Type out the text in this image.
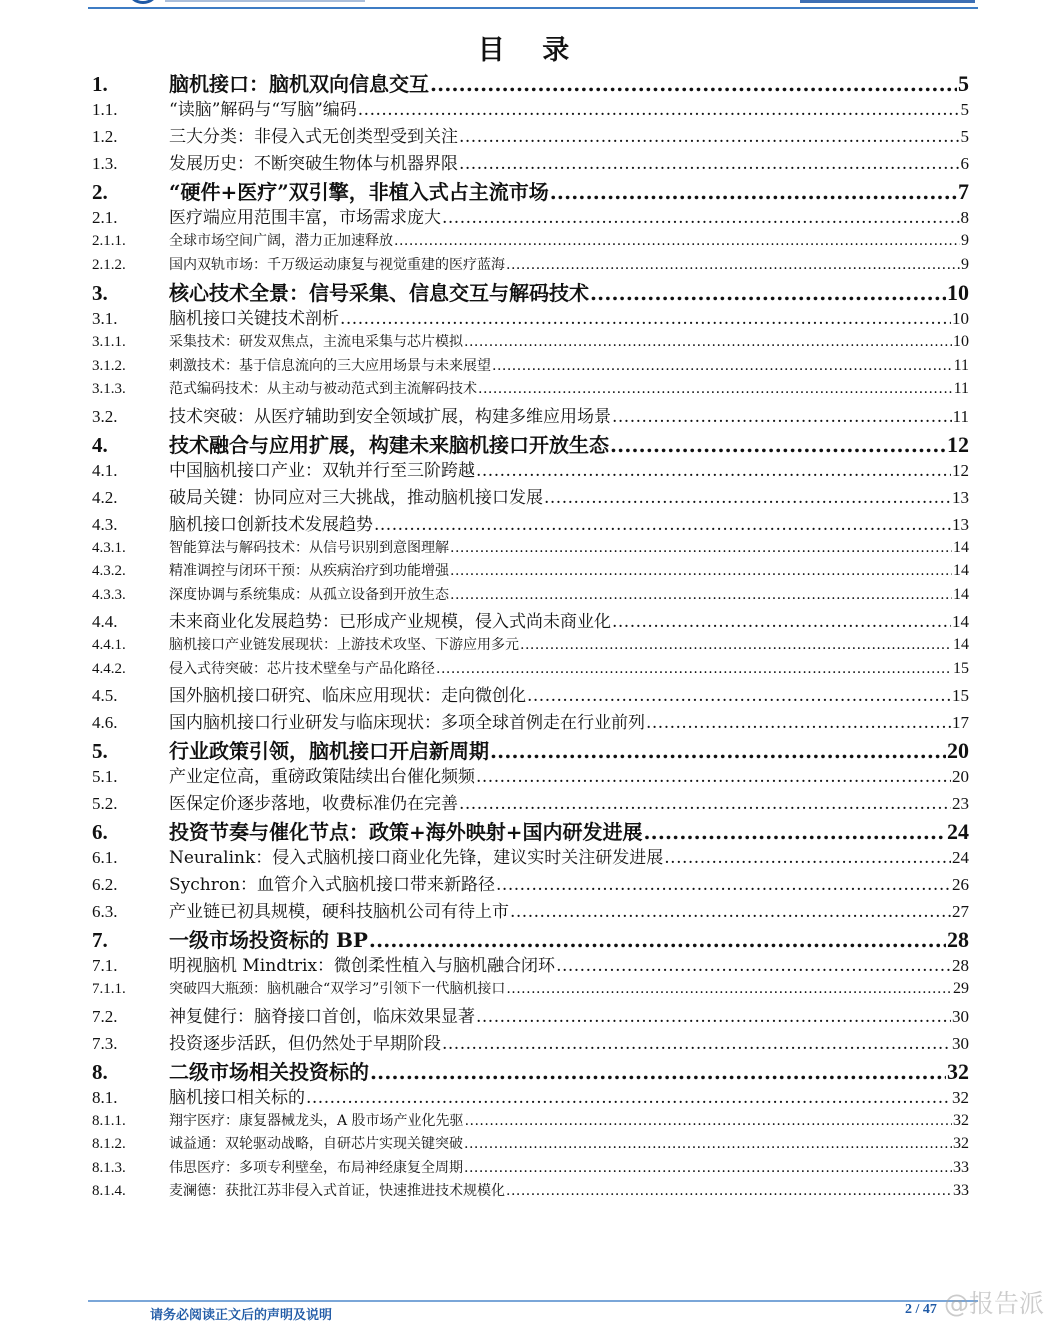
目 录
1.	脑机接口：脑机双向信息交互 .....	5
1.1.	“读脑”解码与“写脑”编码 .....	5
1.2.	三大分类：非侵入式无创类型受到关注 .....	5
1.3.	发展历史：不断突破生物体与机器界限 .....	6
2.	“硬件+医疗”双引擎，非植入式占主流市场 .....	7
2.1.	医疗端应用范围丰富，市场需求庞大 .....	8
2.1.1.	全球市场空间广阔，潜力正加速释放 .....	9
2.1.2.	国内双轨市场：千万级运动康复与视觉重建的医疗蓝海 .....	9
3.	核心技术全景：信号采集、信息交互与解码技术 .....	10
3.1.	脑机接口关键技术剖析 .....	10
3.1.1.	采集技术：研发双焦点，主流电采集与芯片模拟 .....	10
3.1.2.	刺激技术：基于信息流向的三大应用场景与未来展望 .....	11
3.1.3.	范式编码技术：从主动与被动范式到主流解码技术 .....	11
3.2.	技术突破：从医疗辅助到安全领域扩展，构建多维应用场景 .....	11
4.	技术融合与应用扩展，构建未来脑机接口开放生态 .....	12
4.1.	中国脑机接口产业：双轨并行至三阶跨越 .....	12
4.2.	破局关键：协同应对三大挑战，推动脑机接口发展 .....	13
4.3.	脑机接口创新技术发展趋势 .....	13
4.3.1.	智能算法与解码技术：从信号识别到意图理解 .....	14
4.3.2.	精准调控与闭环干预：从疾病治疗到功能增强 .....	14
4.3.3.	深度协调与系统集成：从孤立设备到开放生态 .....	14
4.4.	未来商业化发展趋势：已形成产业规模，侵入式尚未商业化 .....	14
4.4.1.	脑机接口产业链发展现状：上游技术攻坚、下游应用多元 .....	14
4.4.2.	侵入式待突破：芯片技术壁垒与产品化路径 .....	15
4.5.	国外脑机接口研究、临床应用现状：走向微创化 .....	15
4.6.	国内脑机接口行业研发与临床现状：多项全球首例走在行业前列 .....	17
5.	行业政策引领，脑机接口开启新周期 .....	20
5.1.	产业定位高，重磅政策陆续出台催化频频 .....	20
5.2.	医保定价逐步落地，收费标准仍在完善 .....	23
6.	投资节奏与催化节点：政策+海外映射+国内研发进展 .....	24
6.1.	Neuralink：侵入式脑机接口商业化先锋，建议实时关注研发进展 .....	24
6.2.	Sychron：血管介入式脑机接口带来新路径 .....	26
6.3.	产业链已初具规模，硬科技脑机公司有待上市 .....	27
7.	一级市场投资标的 BP .....	28
7.1.	明视脑机 Mindtrix：微创柔性植入与脑机融合闭环 .....	28
7.1.1.	突破四大瓶颈：脑机融合“双学习”引领下一代脑机接口 .....	29
7.2.	神复健行：脑脊接口首创，临床效果显著 .....	30
7.3.	投资逐步活跃，但仍然处于早期阶段 .....	30
8.	二级市场相关投资标的 .....	32
8.1.	脑机接口相关标的 .....	32
8.1.1.	翔宇医疗：康复器械龙头，A 股市场产业化先驱 .....	32
8.1.2.	诚益通：双轮驱动战略，自研芯片实现关键突破 .....	32
8.1.3.	伟思医疗：多项专利壁垒，布局神经康复全周期 .....	33
8.1.4.	麦澜德：获批江苏非侵入式首证，快速推进技术规模化 .....	33
请务必阅读正文后的声明及说明	2 / 47 @报告派
